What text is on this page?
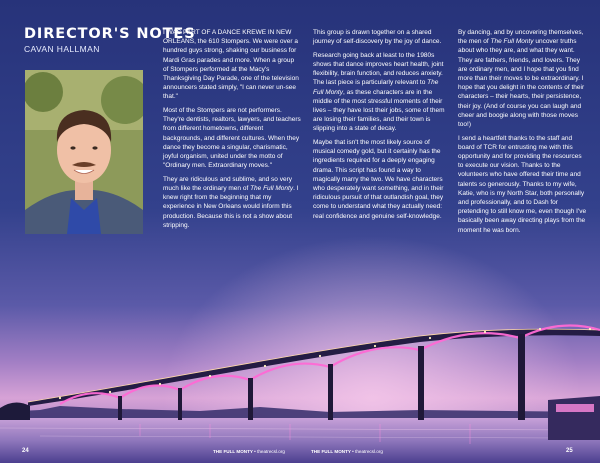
DIRECTOR'S NOTES
CAVAN HALLMAN

I WAS PART OF A DANCE KREWE IN NEW ORLEANS, the 610 Stompers. We were over a hundred guys strong, shaking our business for Mardi Gras parades and more. When a group of Stompers performed at the Macy's Thanksgiving Day Parade, one of the television announcers stated simply, "I can never un-see that."

Most of the Stompers are not performers. They're dentists, realtors, lawyers, and teachers from different hometowns, different backgrounds, and different cultures. When they dance they become a singular, charismatic, joyful organism, united under the motto of "Ordinary men. Extraordinary moves."

They are ridiculous and sublime, and so very much like the ordinary men of The Full Monty. I knew right from the beginning that my experience in New Orleans would inform this production. Because this is not a show about stripping.

This group is drawn together on a shared journey of self-discovery by the joy of dance.

Research going back at least to the 1980s shows that dance improves heart health, joint flexibility, brain function, and reduces anxiety. The last piece is particularly relevant to The Full Monty, as these characters are in the middle of the most stressful moments of their lives – they have lost their jobs, some of them are losing their families, and their town is slipping into a state of decay.

Maybe that isn't the most likely source of musical comedy gold, but it certainly has the ingredients required for a deeply engaging drama. This script has found a way to magically marry the two. We have characters who desperately want something, and in their ridiculous pursuit of that outlandish goal, they come to understand what they actually need: real confidence and genuine self-knowledge.

By dancing, and by uncovering themselves, the men of The Full Monty uncover truths about who they are, and what they want. They are fathers, friends, and lovers. They are ordinary men, and I hope that you find more than their moves to be extraordinary. I hope that you delight in the contents of their characters – their hearts, their persistence, their joy. (And of course you can laugh and cheer and boogie along with those moves too!)

I send a heartfelt thanks to the staff and board of TCR for entrusting me with this opportunity and for providing the resources to execute our vision. Thanks to the volunteers who have offered their time and talents so generously. Thanks to my wife, Katie, who is my North Star, both personally and professionally, and to Dash for pretending to still know me, even though I've basically been away directing plays from the moment he was born.

24	THE FULL MONTY • theatrecsl.org	THE FULL MONTY • theatrecsl.org	25
